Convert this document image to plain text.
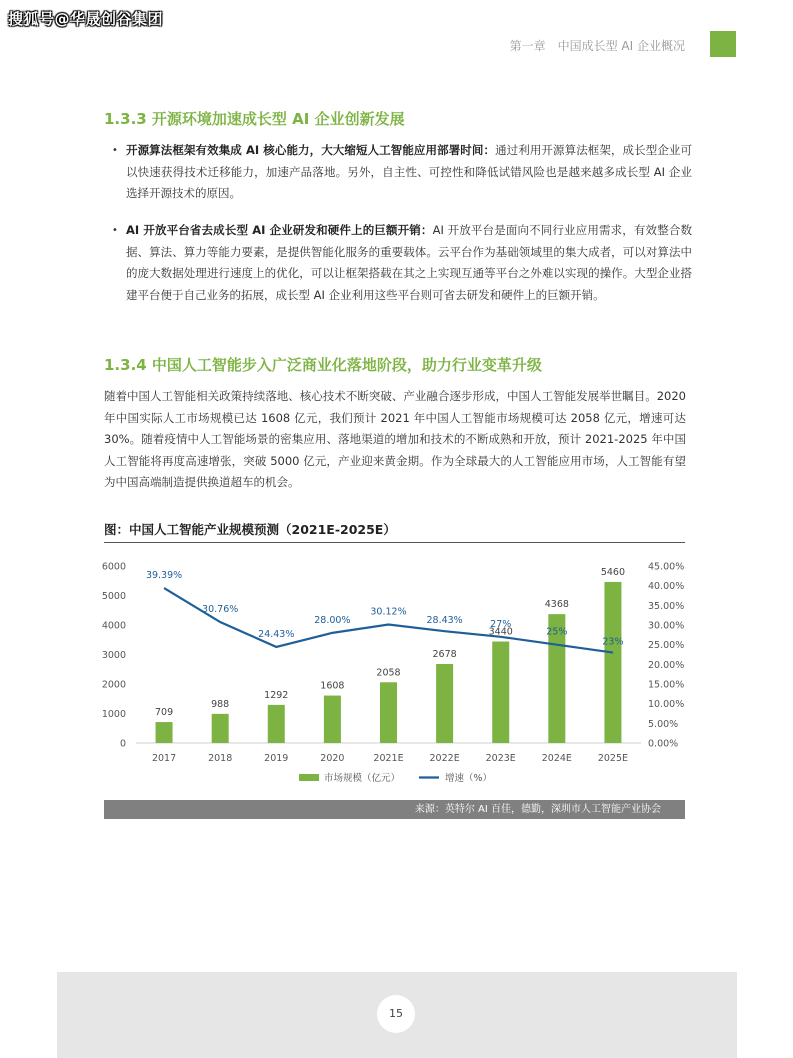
搜狐号@华晟创谷集团
第一章　中国成长型 AI 企业概况
1.3.3 开源环境加速成长型 AI 企业创新发展
• 开源算法框架有效集成 AI 核心能力，大大缩短人工智能应用部署时间：通过利用开源算法框架，成长型企业可以快速获得技术迁移能力，加速产品落地。另外，自主性、可控性和降低试错风险也是越来越多成长型 AI 企业选择开源技术的原因。
• AI 开放平台省去成长型 AI 企业研发和硬件上的巨额开销：AI 开放平台是面向不同行业应用需求，有效整合数据、算法、算力等能力要素，是提供智能化服务的重要载体。云平台作为基础领域里的集大成者，可以对算法中的庞大数据处理进行速度上的优化，可以让框架搭载在其之上实现互通等平台之外难以实现的操作。大型企业搭建平台便于自己业务的拓展，成长型 AI 企业利用这些平台则可省去研发和硬件上的巨额开销。
1.3.4 中国人工智能步入广泛商业化落地阶段，助力行业变革升级
随着中国人工智能相关政策持续落地、核心技术不断突破、产业融合逐步形成，中国人工智能发展举世瞩目。2020 年中国实际人工市场规模已达 1608 亿元，我们预计 2021 年中国人工智能市场规模可达 2058 亿元，增速可达 30%。随着疫情中人工智能场景的密集应用、落地渠道的增加和技术的不断成熟和开放，预计 2021-2025 年中国人工智能将再度高速增张，突破 5000 亿元，产业迎来黄金期。作为全球最大的人工智能应用市场，人工智能有望为中国高端制造提供换道超车的机会。
图：中国人工智能产业规模预测（2021E-2025E）
0
1000
2000
3000
4000
5000
6000
0.00%
5.00%
10.00%
15.00%
20.00%
25.00%
30.00%
35.00%
40.00%
45.00%
709
988
1292
1608
2058
2678
3440
4368
5460
39.39%
30.76%
24.43%
28.00%
30.12%
28.43%	27%
25%
23%
2017	2018	2019	2020	2021E	2022E	2023E	2024E	2025E
市场规模（亿元）	增速（%）
来源：英特尔 AI 百佳，德勤，深圳市人工智能产业协会
15
